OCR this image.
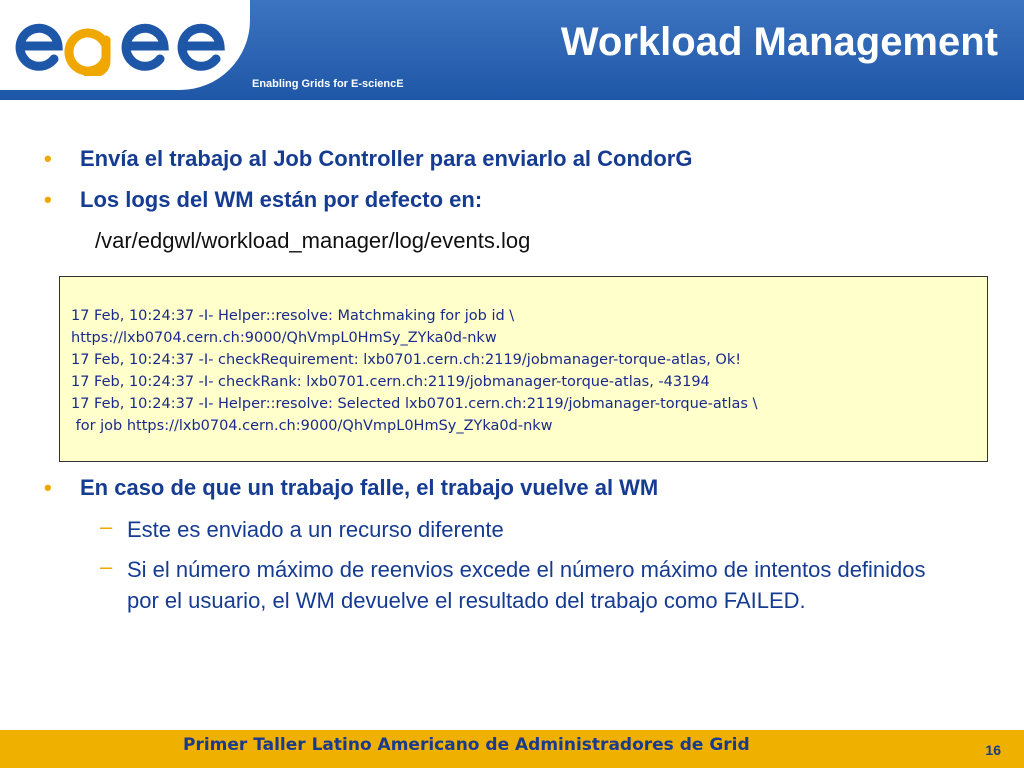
Enabling Grids for E-sciencE
Workload Management
•	Envía el trabajo al Job Controller para enviarlo al CondorG
•	Los logs del WM están por defecto en:
/var/edgwl/workload_manager/log/events.log
17 Feb, 10:24:37 -I- Helper::resolve: Matchmaking for job id \
https://lxb0704.cern.ch:9000/QhVmpL0HmSy_ZYka0d-nkw
17 Feb, 10:24:37 -I- checkRequirement: lxb0701.cern.ch:2119/jobmanager-torque-atlas, Ok!
17 Feb, 10:24:37 -I- checkRank: lxb0701.cern.ch:2119/jobmanager-torque-atlas, -43194
17 Feb, 10:24:37 -I- Helper::resolve: Selected lxb0701.cern.ch:2119/jobmanager-torque-atlas \
for job https://lxb0704.cern.ch:9000/QhVmpL0HmSy_ZYka0d-nkw
•	En caso de que un trabajo falle, el trabajo vuelve al WM
– Este es enviado a un recurso diferente
– Si el número máximo de reenvios excede el número máximo de intentos definidos por el usuario, el WM devuelve el resultado del trabajo como FAILED.
Primer Taller Latino Americano de Administradores de Grid	16
